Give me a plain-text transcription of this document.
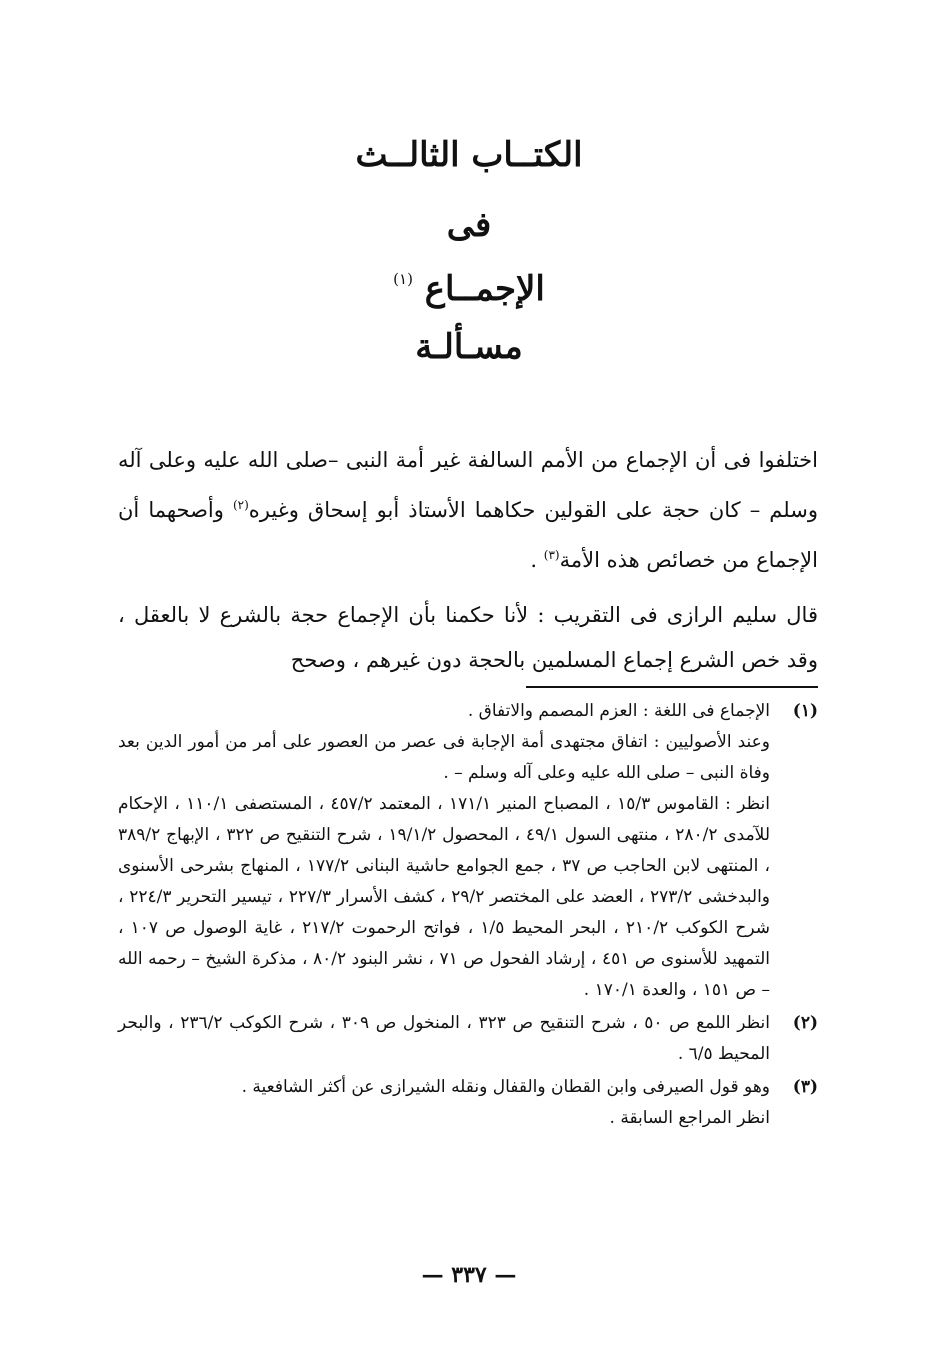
الكتــاب الثالــث
فى
الإجمــاع $^{(١)}$
مسـألـة

اختلفوا فى أن الإجماع من الأمم السالفة غير أمة النبى –صلى الله عليه وعلى آله وسلم – كان حجة على القولين حكاهما الأستاذ أبو إسحاق وغيره$^{(٢)}$ وأصحهما أن الإجماع من خصائص هذه الأمة$^{(٣)}$ .

قال سليم الرازى فى التقريب : لأنا حكمنا بأن الإجماع حجة بالشرع لا بالعقل ، وقد خص الشرع إجماع المسلمين بالحجة دون غيرهم ، وصحح

(١)
الإجماع فى اللغة : العزم المصمم والاتفاق .
وعند الأصوليين : اتفاق مجتهدى أمة الإجابة فى عصر من العصور على أمر من أمور الدين بعد وفاة النبى – صلى الله عليه وعلى آله وسلم – .
انظر : القاموس ١٥/٣ ، المصباح المنير ١٧١/١ ، المعتمد ٤٥٧/٢ ، المستصفى ١١٠/١ ، الإحكام للآمدى ٢٨٠/٢ ، منتهى السول ٤٩/١ ، المحصول ١٩/١/٢ ، شرح التنقيح ص ٣٢٢ ، الإبهاج ٣٨٩/٢ ، المنتهى لابن الحاجب ص ٣٧ ، جمع الجوامع حاشية البنانى ١٧٧/٢ ، المنهاج بشرحى الأسنوى والبدخشى ٢٧٣/٢ ، العضد على المختصر ٢٩/٢ ، كشف الأسرار ٢٢٧/٣ ، تيسير التحرير ٢٢٤/٣ ، شرح الكوكب ٢١٠/٢ ، البحر المحيط ١/٥ ، فواتح الرحموت ٢١٧/٢ ، غاية الوصول ص ١٠٧ ، التمهيد للأسنوى ص ٤٥١ ، إرشاد الفحول ص ٧١ ، نشر البنود ٨٠/٢ ، مذكرة الشيخ – رحمه الله – ص ١٥١ ، والعدة ١٧٠/١ .
(٢)
انظر اللمع ص ٥٠ ، شرح التنقيح ص ٣٢٣ ، المنخول ص ٣٠٩ ، شرح الكوكب ٢٣٦/٢ ، والبحر المحيط ٦/٥ .
(٣)
وهو قول الصيرفى وابن القطان والقفال ونقله الشيرازى عن أكثر الشافعية .
انظر المراجع السابقة .
— ٣٣٧ —
